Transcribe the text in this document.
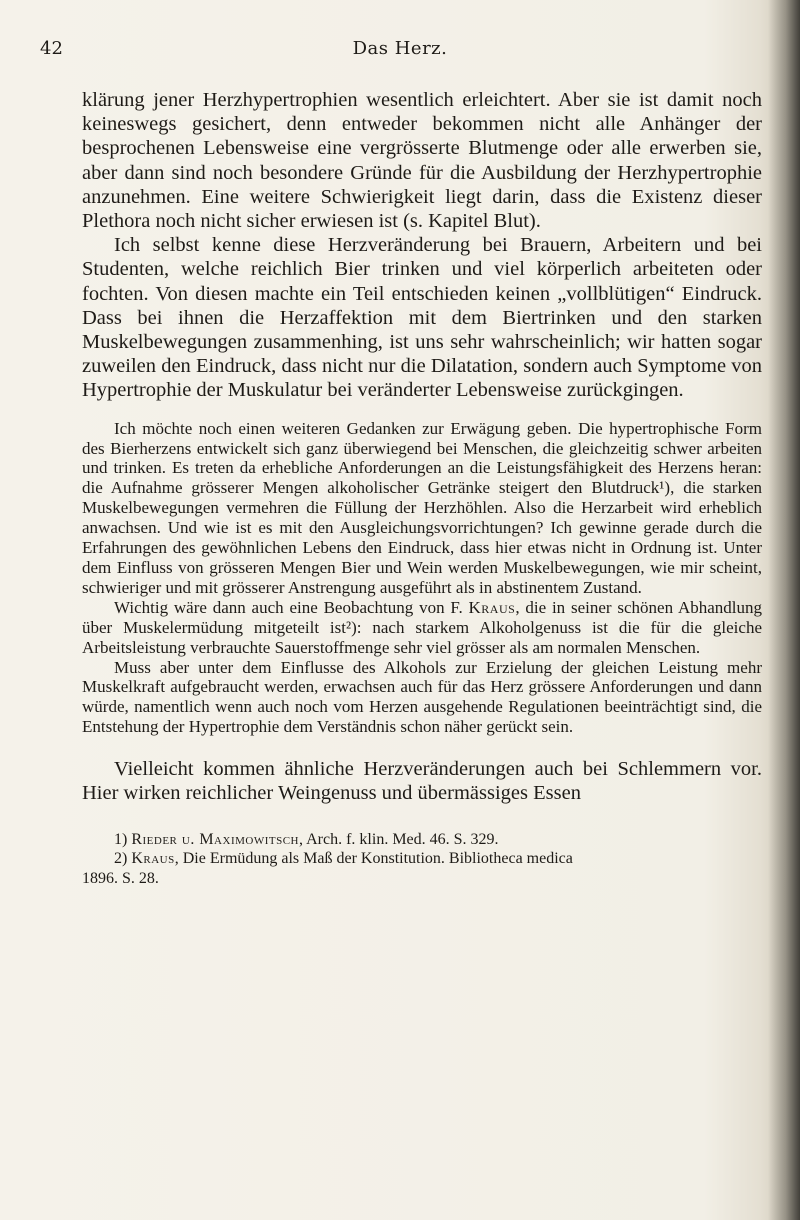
Das Herz.
42

klärung jener Herzhypertrophien wesentlich erleichtert. Aber sie ist damit noch keineswegs gesichert, denn entweder bekommen nicht alle Anhänger der besprochenen Lebensweise eine vergrösserte Blutmenge oder alle erwerben sie, aber dann sind noch besondere Gründe für die Ausbildung der Herzhypertrophie anzunehmen. Eine weitere Schwierigkeit liegt darin, dass die Existenz dieser Plethora noch nicht sicher erwiesen ist (s. Kapitel Blut).

Ich selbst kenne diese Herzveränderung bei Brauern, Arbeitern und bei Studenten, welche reichlich Bier trinken und viel körperlich arbeiteten oder fochten. Von diesen machte ein Teil entschieden keinen „vollblütigen“ Eindruck. Dass bei ihnen die Herzaffektion mit dem Biertrinken und den starken Muskelbewegungen zusammenhing, ist uns sehr wahrscheinlich; wir hatten sogar zuweilen den Eindruck, dass nicht nur die Dilatation, sondern auch Symptome von Hypertrophie der Muskulatur bei veränderter Lebensweise zurückgingen.

Ich möchte noch einen weiteren Gedanken zur Erwägung geben. Die hypertrophische Form des Bierherzens entwickelt sich ganz überwiegend bei Menschen, die gleichzeitig schwer arbeiten und trinken. Es treten da erhebliche Anforderungen an die Leistungsfähigkeit des Herzens heran: die Aufnahme grösserer Mengen alkoholischer Getränke steigert den Blutdruck¹), die starken Muskelbewegungen vermehren die Füllung der Herzhöhlen. Also die Herzarbeit wird erheblich anwachsen. Und wie ist es mit den Ausgleichungsvorrichtungen? Ich gewinne gerade durch die Erfahrungen des gewöhnlichen Lebens den Eindruck, dass hier etwas nicht in Ordnung ist. Unter dem Einfluss von grösseren Mengen Bier und Wein werden Muskelbewegungen, wie mir scheint, schwieriger und mit grösserer Anstrengung ausgeführt als in abstinentem Zustand.

Wichtig wäre dann auch eine Beobachtung von F. Kraus, die in seiner schönen Abhandlung über Muskelermüdung mitgeteilt ist²): nach starkem Alkoholgenuss ist die für die gleiche Arbeitsleistung verbrauchte Sauerstoffmenge sehr viel grösser als am normalen Menschen.

Muss aber unter dem Einflusse des Alkohols zur Erzielung der gleichen Leistung mehr Muskelkraft aufgebraucht werden, erwachsen auch für das Herz grössere Anforderungen und dann würde, namentlich wenn auch noch vom Herzen ausgehende Regulationen beeinträchtigt sind, die Entstehung der Hypertrophie dem Verständnis schon näher gerückt sein.

Vielleicht kommen ähnliche Herzveränderungen auch bei Schlemmern vor. Hier wirken reichlicher Weingenuss und übermässiges Essen

1) Rieder u. Maximowitsch, Arch. f. klin. Med. 46. S. 329.

2) Kraus, Die Ermüdung als Maß der Konstitution. Bibliotheca medica

1896. S. 28.
